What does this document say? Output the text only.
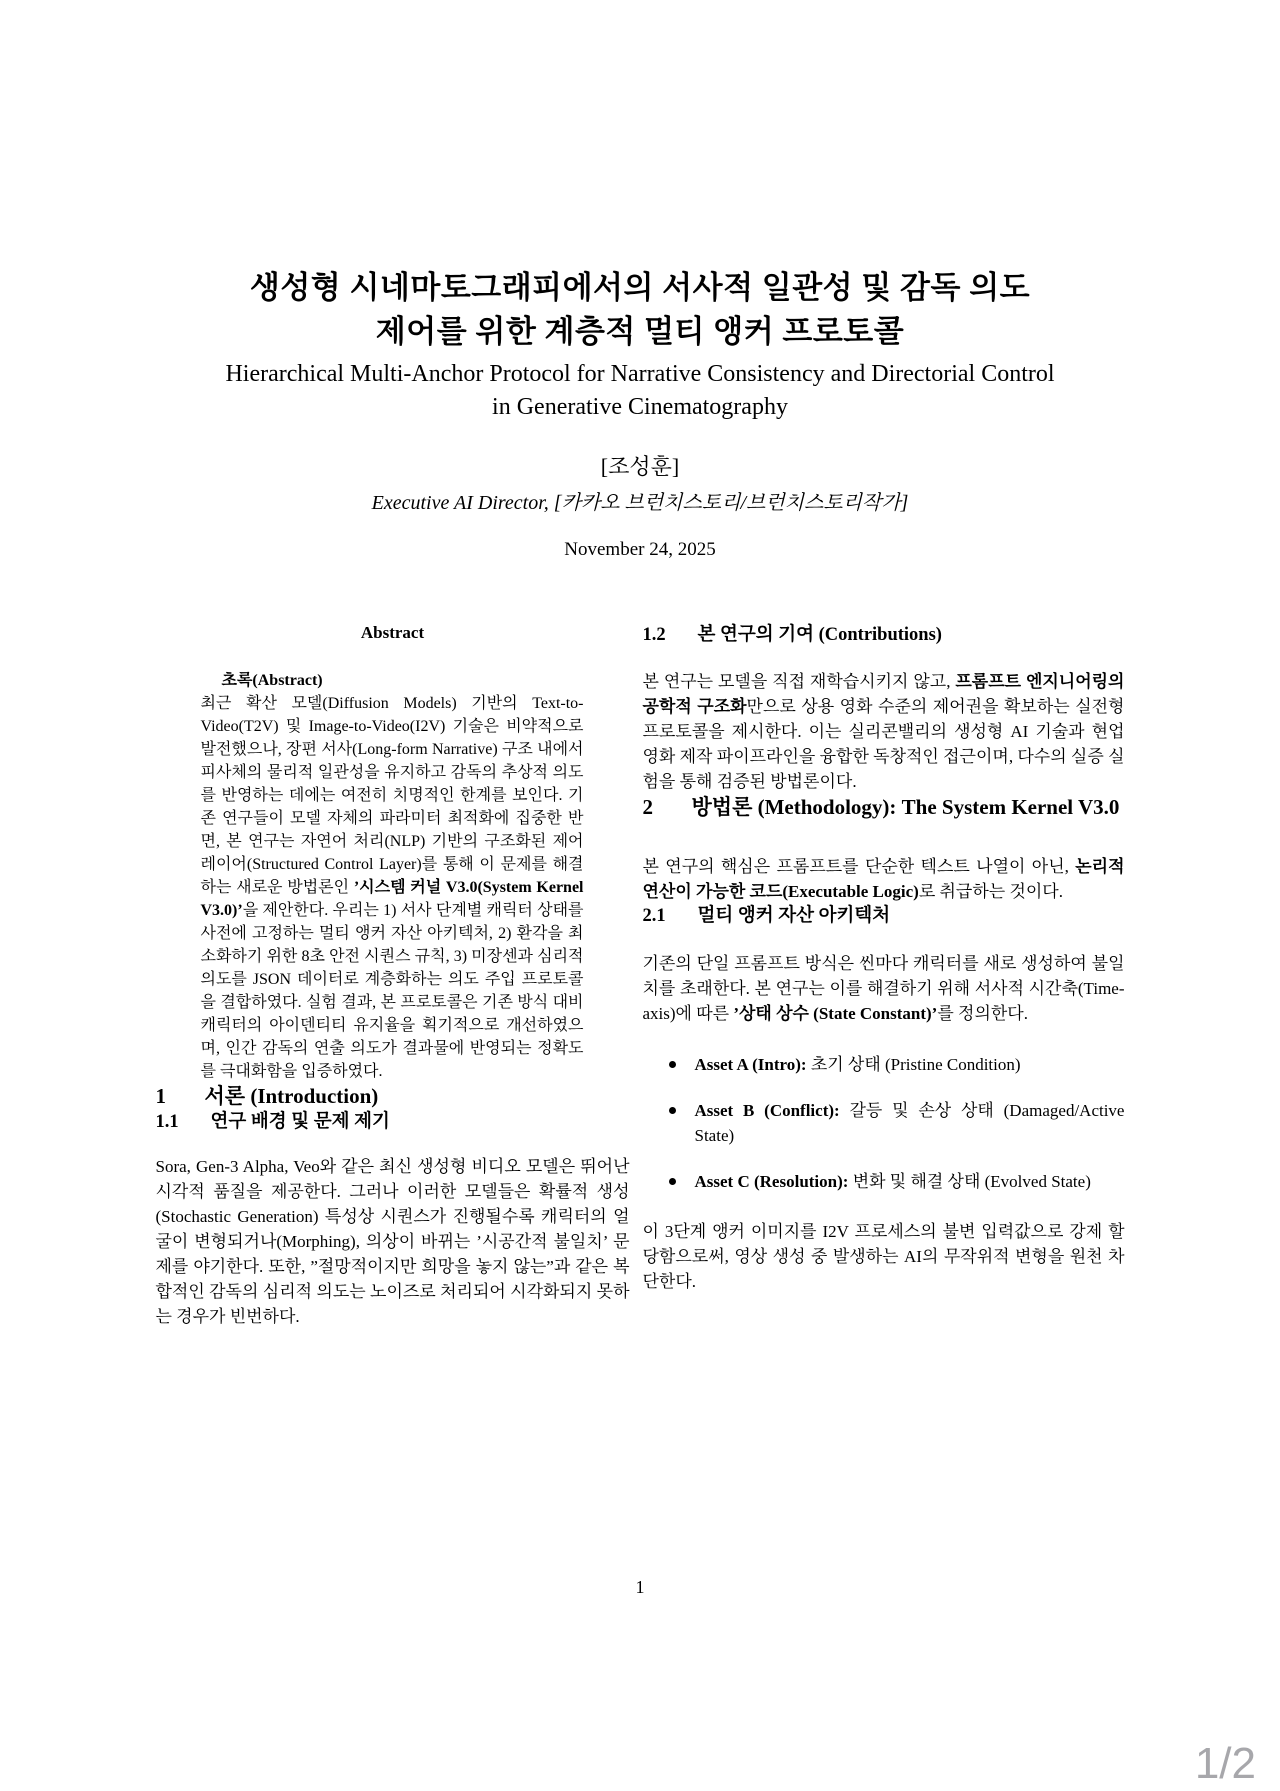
생성형 시네마토그래피에서의 서사적 일관성 및 감독 의도
제어를 위한 계층적 멀티 앵커 프로토콜
Hierarchical Multi-Anchor Protocol for Narrative Consistency and Directorial Control
in Generative Cinematography
[조성훈]
Executive AI Director, [카카오 브런치스토리/브런치스토리작가]
November 24, 2025
Abstract
초록(Abstract)
최근 확산 모델(Diffusion Models) 기반의 Text-to-Video(T2V) 및 Image-to-Video(I2V) 기술은 비약적으로 발전했으나, 장편 서사(Long-form Narrative) 구조 내에서 피사체의 물리적 일관성을 유지하고 감독의 추상적 의도를 반영하는 데에는 여전히 치명적인 한계를 보인다. 기존 연구들이 모델 자체의 파라미터 최적화에 집중한 반면, 본 연구는 자연어 처리(NLP) 기반의 구조화된 제어 레이어(Structured Control Layer)를 통해 이 문제를 해결하는 새로운 방법론인 ’시스템 커널 V3.0(System Kernel V3.0)’을 제안한다. 우리는 1) 서사 단계별 캐릭터 상태를 사전에 고정하는 멀티 앵커 자산 아키텍처, 2) 환각을 최소화하기 위한 8초 안전 시퀀스 규칙, 3) 미장센과 심리적 의도를 JSON 데이터로 계층화하는 의도 주입 프로토콜을 결합하였다. 실험 결과, 본 프로토콜은 기존 방식 대비 캐릭터의 아이덴티티 유지율을 획기적으로 개선하였으며, 인간 감독의 연출 의도가 결과물에 반영되는 정확도를 극대화함을 입증하였다.
1	서론 (Introduction)
1.1	연구 배경 및 문제 제기

Sora, Gen-3 Alpha, Veo와 같은 최신 생성형 비디오 모델은 뛰어난 시각적 품질을 제공한다. 그러나 이러한 모델들은 확률적 생성(Stochastic Generation) 특성상 시퀀스가 진행될수록 캐릭터의 얼굴이 변형되거나(Morphing), 의상이 바뀌는 ’시공간적 불일치’ 문제를 야기한다. 또한, ”절망적이지만 희망을 놓지 않는”과 같은 복합적인 감독의 심리적 의도는 노이즈로 처리되어 시각화되지 못하는 경우가 빈번하다.

1.2	본 연구의 기여 (Contributions)

본 연구는 모델을 직접 재학습시키지 않고, 프롬프트 엔지니어링의 공학적 구조화만으로 상용 영화 수준의 제어권을 확보하는 실전형 프로토콜을 제시한다. 이는 실리콘밸리의 생성형 AI 기술과 현업 영화 제작 파이프라인을 융합한 독창적인 접근이며, 다수의 실증 실험을 통해 검증된 방법론이다.

2	방법론 (Methodology): The System Kernel V3.0

본 연구의 핵심은 프롬프트를 단순한 텍스트 나열이 아닌, 논리적 연산이 가능한 코드(Executable Logic)로 취급하는 것이다.

2.1	멀티 앵커 자산 아키텍처

기존의 단일 프롬프트 방식은 씬마다 캐릭터를 새로 생성하여 불일치를 초래한다. 본 연구는 이를 해결하기 위해 서사적 시간축(Time-axis)에 따른 ’상태 상수 (State Constant)’를 정의한다.

Asset A (Intro): 초기 상태 (Pristine Condition)
Asset B (Conflict): 갈등 및 손상 상태 (Damaged/Active State)
Asset C (Resolution): 변화 및 해결 상태 (Evolved State)

이 3단계 앵커 이미지를 I2V 프로세스의 불변 입력값으로 강제 할당함으로써, 영상 생성 중 발생하는 AI의 무작위적 변형을 원천 차단한다.

1
1/2
